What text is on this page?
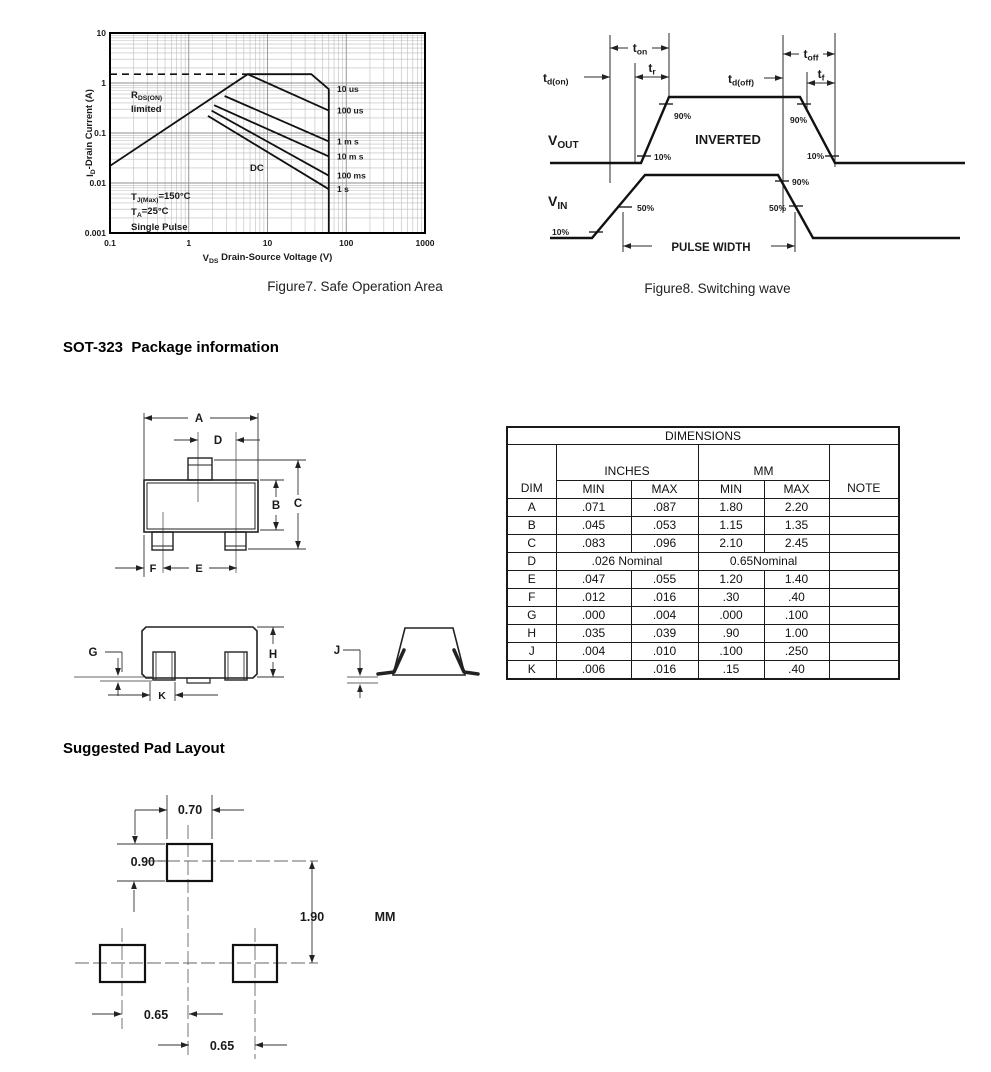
0.1	1	10	100	1000
10
1
0.1
0.01
0.001
$V_{DS}$ Drain-Source Voltage (V)
$I_D$-Drain Current (A)	$R_{DS(ON)}$
limited
$T_{J(Max)}=150^\circ C$
$T_A=25^\circ C$
Single Pulse
DC
10 us
100 us
1 m s
10 m s
100 ms
1 s
Figure7. Safe Operation Area
$t_{on}$
$t_r$
$t_{d(on)}$	$t_{d(off)}$
$t_{off}$
$t_f$
$V_{OUT}$
$V_{IN}$
INVERTED
PULSE WIDTH
90%
10%
90%
10%
50%
10%
90%
50%
Figure8. Switching wave
SOT-323  Package information
A
D
B C
F	E
H
G
K
J
DIMENSIONS					
DIM	INCHES		MM		NOTE
	MIN	MAX	MIN	MAX	
A	.071	.087	1.80	2.20	
B	.045	.053	1.15	1.35	
C	.083	.096	2.10	2.45	
D	.026 Nominal		0.65Nominal		
E	.047	.055	1.20	1.40	
F	.012	.016	.30	.40	
G	.000	.004	.000	.100	
H	.035	.039	.90	1.00	
J	.004	.010	.100	.250	
K	.006	.016	.15	.40	
Suggested Pad Layout
0.70
0.90
1.90	MM
0.65
0.65
